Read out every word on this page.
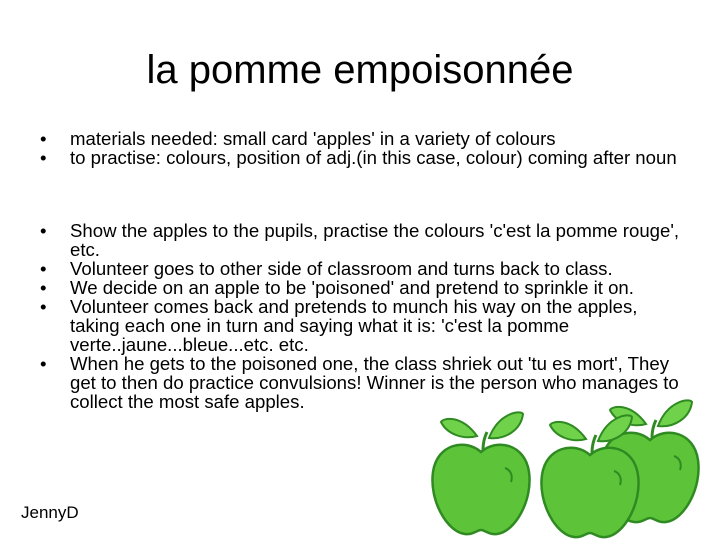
la pomme empoisonnée
• materials needed: small card 'apples' in a variety of colours
• to practise: colours, position of adj.(in this case, colour) coming after noun
• Show the apples to the pupils, practise the colours 'c'est la pomme rouge', etc.
• Volunteer goes to other side of classroom and turns back to class.
• We decide on an apple to be 'poisoned' and pretend to sprinkle it on.
• Volunteer comes back and pretends to munch his way on the apples, taking each one in turn and saying what it is: 'c'est la pomme verte..jaune...bleue...etc. etc.
• When he gets to the poisoned one, the class shriek out 'tu es mort', They get to then do practice convulsions! Winner is the person who manages to collect the most safe apples.
JennyD
